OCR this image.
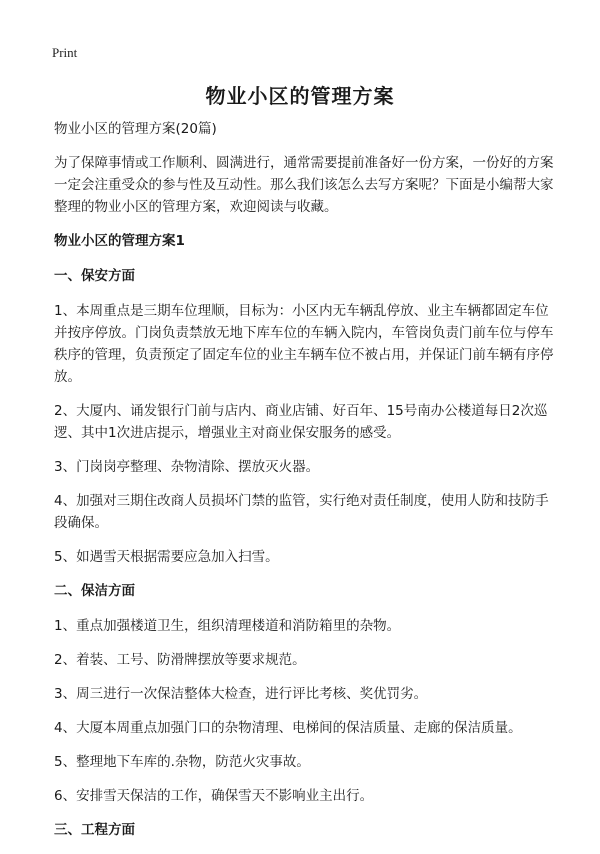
Print
物业小区的管理方案

物业小区的管理方案(20篇)

为了保障事情或工作顺利、圆满进行，通常需要提前准备好一份方案，一份好的方案一定会注重受众的参与性及互动性。那么我们该怎么去写方案呢？下面是小编帮大家整理的物业小区的管理方案，欢迎阅读与收藏。

物业小区的管理方案1

一、保安方面

1、本周重点是三期车位理顺，目标为：小区内无车辆乱停放、业主车辆都固定车位并按序停放。门岗负责禁放无地下库车位的车辆入院内，车管岗负责门前车位与停车秩序的管理，负责预定了固定车位的业主车辆车位不被占用，并保证门前车辆有序停放。

2、大厦内、诵发银行门前与店内、商业店铺、好百年、15号南办公楼道每日2次巡逻、其中1次进店提示，增强业主对商业保安服务的感受。

3、门岗岗亭整理、杂物清除、摆放灭火器。

4、加强对三期住改商人员损坏门禁的监管，实行绝对责任制度，使用人防和技防手段确保。

5、如遇雪天根据需要应急加入扫雪。

二、保洁方面

1、重点加强楼道卫生，组织清理楼道和消防箱里的杂物。

2、着装、工号、防滑牌摆放等要求规范。

3、周三进行一次保洁整体大检查，进行评比考核、奖优罚劣。

4、大厦本周重点加强门口的杂物清理、电梯间的保洁质量、走廊的保洁质量。

5、整理地下车库的.杂物，防范火灾事故。

6、安排雪天保洁的工作，确保雪天不影响业主出行。

三、工程方面
